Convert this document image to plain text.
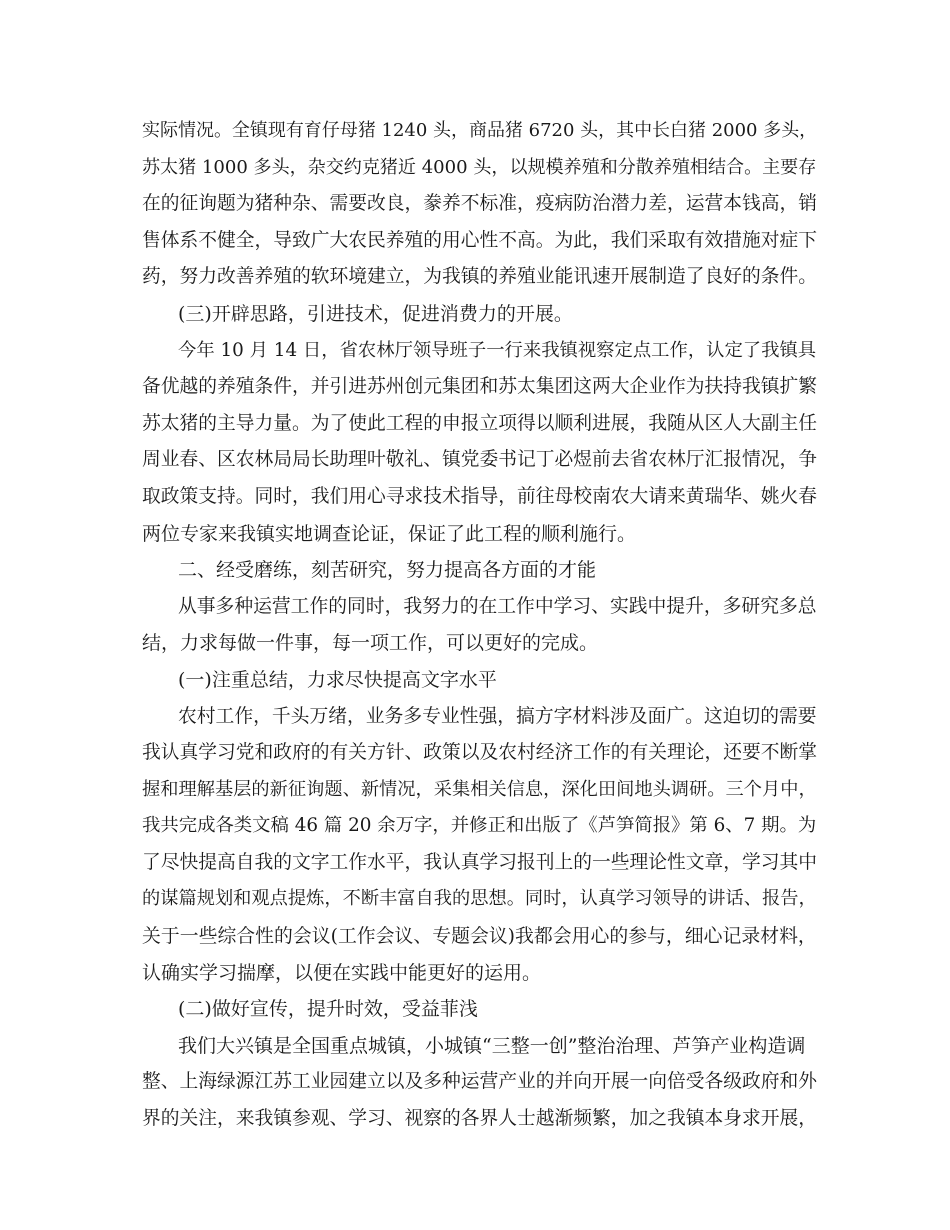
实际情况。全镇现有育仔母猪 1240 头，商品猪 6720 头，其中长白猪 2000 多头，
苏太猪 1000 多头，杂交约克猪近 4000 头，以规模养殖和分散养殖相结合。主要存
在的征询题为猪种杂、需要改良，豢养不标准，疫病防治潜力差，运营本钱高，销
售体系不健全，导致广大农民养殖的用心性不高。为此，我们采取有效措施对症下
药，努力改善养殖的软环境建立，为我镇的养殖业能讯速开展制造了良好的条件。
(三)开辟思路，引进技术，促进消费力的开展。
今年 10 月 14 日，省农林厅领导班子一行来我镇视察定点工作，认定了我镇具
备优越的养殖条件，并引进苏州创元集团和苏太集团这两大企业作为扶持我镇扩繁
苏太猪的主导力量。为了使此工程的申报立项得以顺利进展，我随从区人大副主任
周业春、区农林局局长助理叶敬礼、镇党委书记丁必煜前去省农林厅汇报情况，争
取政策支持。同时，我们用心寻求技术指导，前往母校南农大请来黄瑞华、姚火春
两位专家来我镇实地调查论证，保证了此工程的顺利施行。
二、经受磨练，刻苦研究，努力提高各方面的才能
从事多种运营工作的同时，我努力的在工作中学习、实践中提升，多研究多总
结，力求每做一件事，每一项工作，可以更好的完成。
(一)注重总结，力求尽快提高文字水平
农村工作，千头万绪，业务多专业性强，搞方字材料涉及面广。这迫切的需要
我认真学习党和政府的有关方针、政策以及农村经济工作的有关理论，还要不断掌
握和理解基层的新征询题、新情况，采集相关信息，深化田间地头调研。三个月中，
我共完成各类文稿 46 篇 20 余万字，并修正和出版了《芦笋简报》第 6、7 期。为
了尽快提高自我的文字工作水平，我认真学习报刊上的一些理论性文章，学习其中
的谋篇规划和观点提炼，不断丰富自我的思想。同时，认真学习领导的讲话、报告，
关于一些综合性的会议(工作会议、专题会议)我都会用心的参与，细心记录材料，
认确实学习揣摩，以便在实践中能更好的运用。
(二)做好宣传，提升时效，受益菲浅
我们大兴镇是全国重点城镇，小城镇“三整一创”整治治理、芦笋产业构造调
整、上海绿源江苏工业园建立以及多种运营产业的并向开展一向倍受各级政府和外
界的关注，来我镇参观、学习、视察的各界人士越渐频繁，加之我镇本身求开展，
